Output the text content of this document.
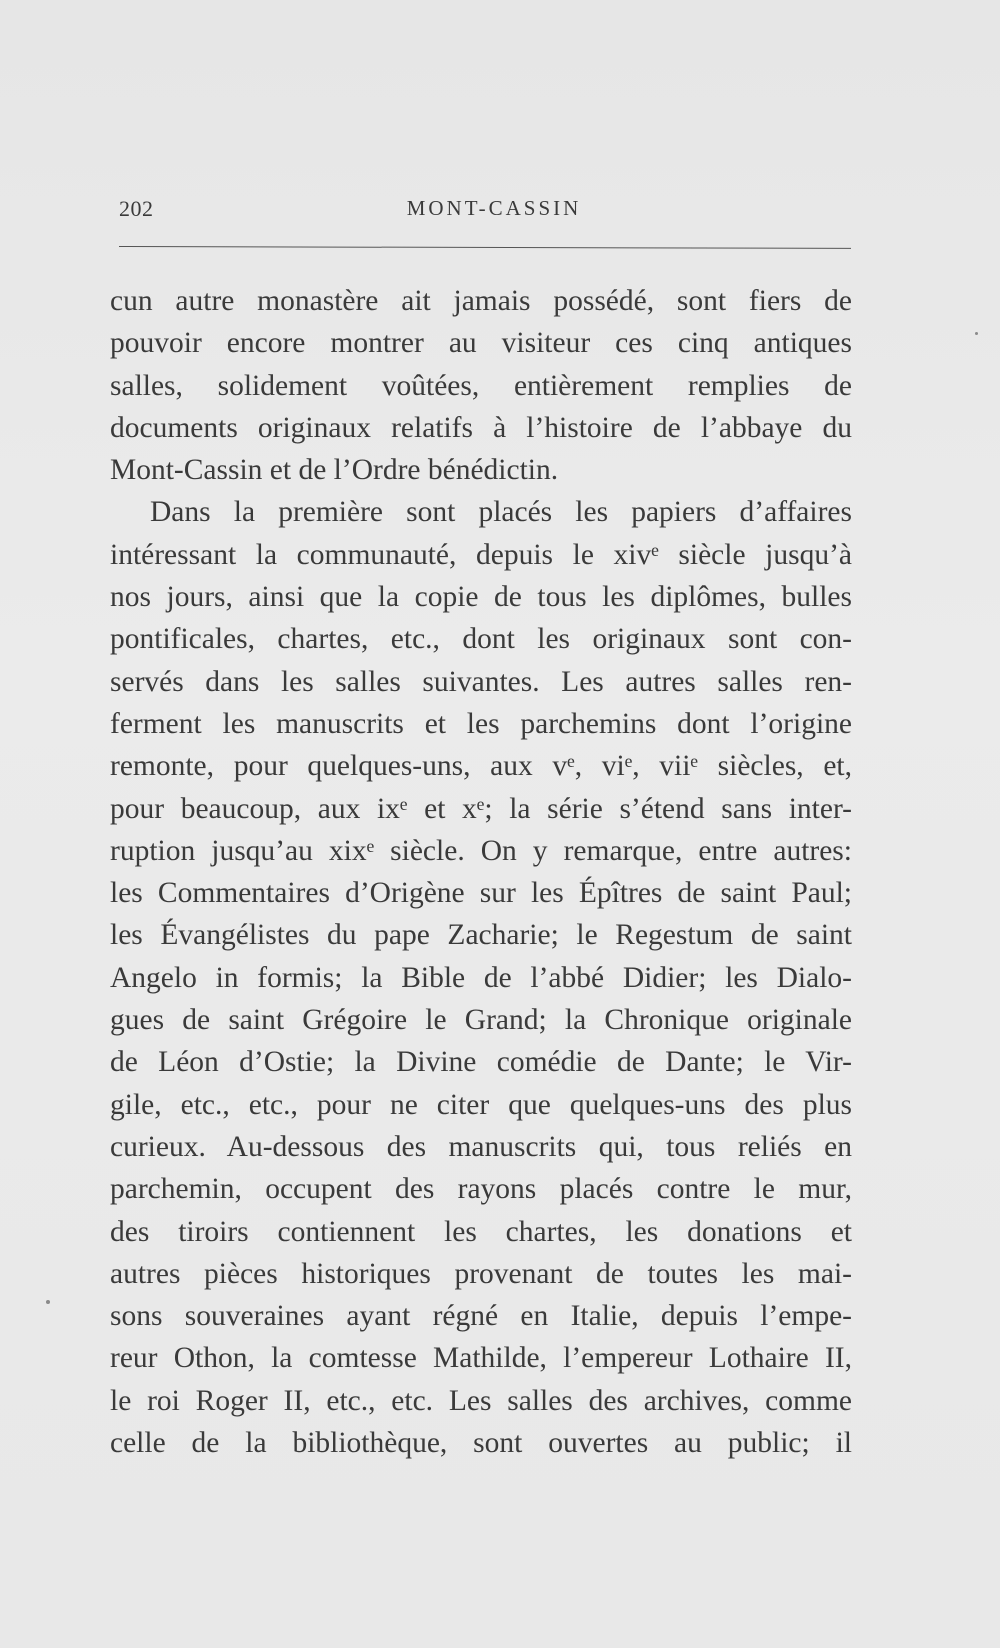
202	MONT-CASSIN
cun autre monastère ait jamais possédé, sont fiers de
pouvoir encore montrer au visiteur ces cinq antiques
salles, solidement voûtées, entièrement remplies de
documents originaux relatifs à l’histoire de l’abbaye du
Mont-Cassin et de l’Ordre bénédictin.
Dans la première sont placés les papiers d’affaires
intéressant la communauté, depuis le xivᵉ siècle jusqu’à
nos jours, ainsi que la copie de tous les diplômes, bulles
pontificales, chartes, etc., dont les originaux sont con-
servés dans les salles suivantes. Les autres salles ren-
ferment les manuscrits et les parchemins dont l’origine
remonte, pour quelques-uns, aux vᵉ, viᵉ, viiᵉ siècles, et,
pour beaucoup, aux ixᵉ et xᵉ; la série s’étend sans inter-
ruption jusqu’au xixᵉ siècle. On y remarque, entre autres:
les Commentaires d’Origène sur les Épîtres de saint Paul;
les Évangélistes du pape Zacharie; le Regestum de saint
Angelo in formis; la Bible de l’abbé Didier; les Dialo-
gues de saint Grégoire le Grand; la Chronique originale
de Léon d’Ostie; la Divine comédie de Dante; le Vir-
gile, etc., etc., pour ne citer que quelques-uns des plus
curieux. Au-dessous des manuscrits qui, tous reliés en
parchemin, occupent des rayons placés contre le mur,
des tiroirs contiennent les chartes, les donations et
autres pièces historiques provenant de toutes les mai-
sons souveraines ayant régné en Italie, depuis l’empe-
reur Othon, la comtesse Mathilde, l’empereur Lothaire II,
le roi Roger II, etc., etc. Les salles des archives, comme
celle de la bibliothèque, sont ouvertes au public; il
